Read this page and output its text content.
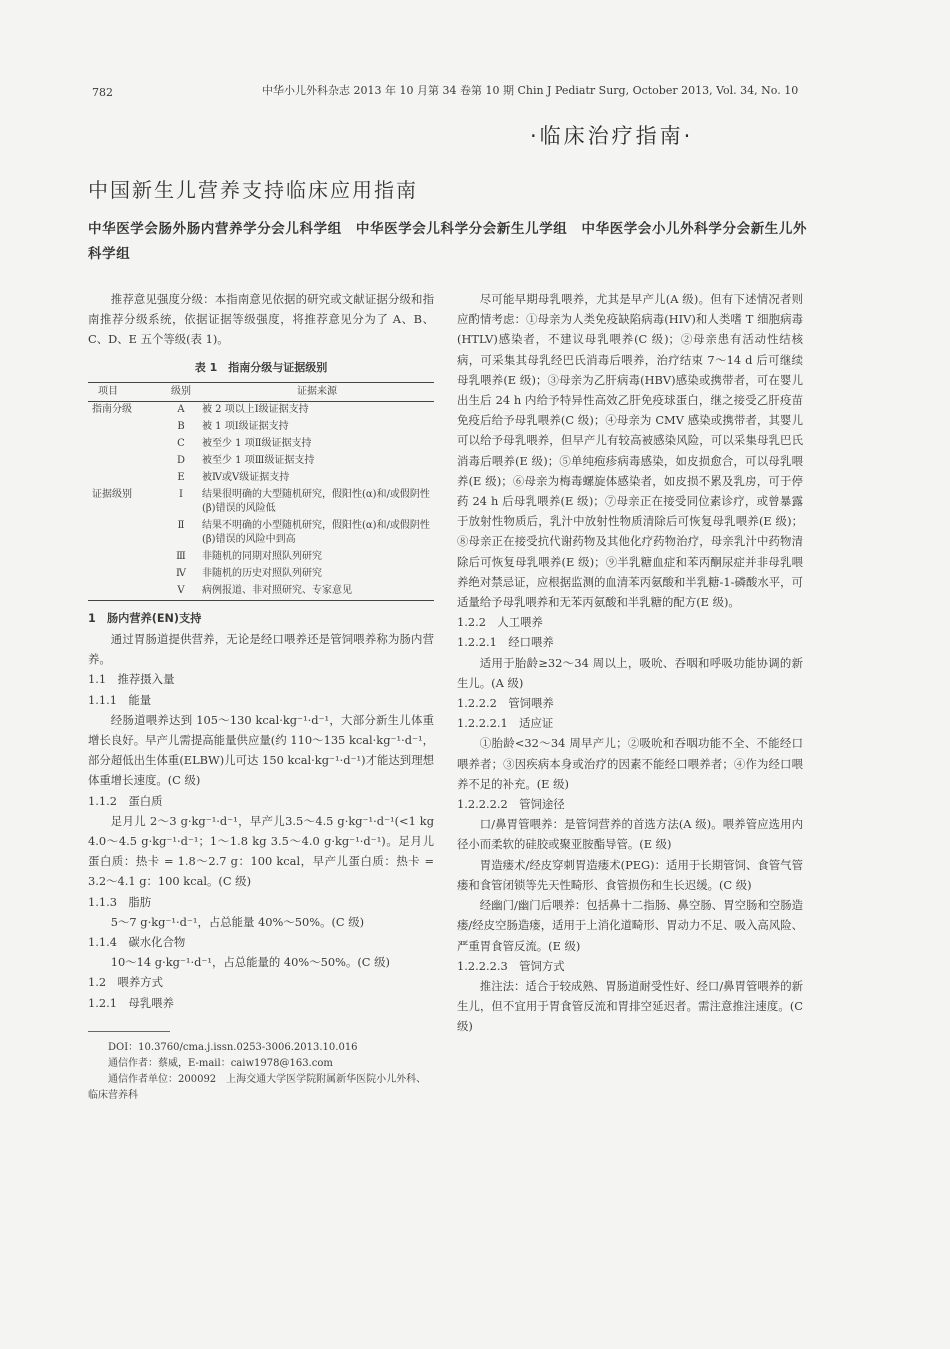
782	中华小儿外科杂志 2013 年 10 月第 34 卷第 10 期 Chin J Pediatr Surg, October 2013, Vol. 34, No. 10
·临床治疗指南·
中国新生儿营养支持临床应用指南
中华医学会肠外肠内营养学分会儿科学组　中华医学会儿科学分会新生儿学组　中华医学会小儿外科学分会新生儿外科学组

推荐意见强度分级：本指南意见依据的研究或文献证据分级和指南推荐分级系统，依据证据等级强度，将推荐意见分为了 A、B、C、D、E 五个等级(表 1)。

表 1　指南分级与证据级别
项目	级别	证据来源
指南分级	A	被 2 项以上Ⅰ级证据支持
	B	被 1 项Ⅰ级证据支持
	C	被至少 1 项Ⅱ级证据支持
	D	被至少 1 项Ⅲ级证据支持
	E	被Ⅳ或Ⅴ级证据支持
证据级别	Ⅰ	结果很明确的大型随机研究，假阳性(α)和/或假阴性(β)错误的风险低
	Ⅱ	结果不明确的小型随机研究，假阳性(α)和/或假阴性(β)错误的风险中到高
	Ⅲ	非随机的同期对照队列研究
	Ⅳ	非随机的历史对照队列研究
	Ⅴ	病例报道、非对照研究、专家意见
1　肠内营养(EN)支持

通过胃肠道提供营养，无论是经口喂养还是管饲喂养称为肠内营养。

1.1　推荐摄入量
1.1.1　能量

经肠道喂养达到 105～130 kcal·kg⁻¹·d⁻¹，大部分新生儿体重增长良好。早产儿需提高能量供应量(约 110～135 kcal·kg⁻¹·d⁻¹，部分超低出生体重(ELBW)儿可达 150 kcal·kg⁻¹·d⁻¹)才能达到理想体重增长速度。(C 级)

1.1.2　蛋白质

足月儿 2～3 g·kg⁻¹·d⁻¹，早产儿3.5～4.5 g·kg⁻¹·d⁻¹(<1 kg 4.0～4.5 g·kg⁻¹·d⁻¹；1～1.8 kg 3.5～4.0 g·kg⁻¹·d⁻¹)。足月儿蛋白质：热卡 = 1.8～2.7 g：100 kcal，早产儿蛋白质：热卡 = 3.2～4.1 g：100 kcal。(C 级)

1.1.3　脂肪

5～7 g·kg⁻¹·d⁻¹，占总能量 40%～50%。(C 级)

1.1.4　碳水化合物

10～14 g·kg⁻¹·d⁻¹，占总能量的 40%～50%。(C 级)

1.2　喂养方式
1.2.1　母乳喂养
DOI：10.3760/cma.j.issn.0253-3006.2013.10.016
通信作者：蔡威，E-mail：caiw1978@163.com
通信作者单位：200092　上海交通大学医学院附属新华医院小儿外科、临床营养科

尽可能早期母乳喂养，尤其是早产儿(A 级)。但有下述情况者则应酌情考虑：①母亲为人类免疫缺陷病毒(HIV)和人类嗜 T 细胞病毒(HTLV)感染者，不建议母乳喂养(C 级)；②母亲患有活动性结核病，可采集其母乳经巴氏消毒后喂养，治疗结束 7～14 d 后可继续母乳喂养(E 级)；③母亲为乙肝病毒(HBV)感染或携带者，可在婴儿出生后 24 h 内给予特异性高效乙肝免疫球蛋白，继之接受乙肝疫苗免疫后给予母乳喂养(C 级)；④母亲为 CMV 感染或携带者，其婴儿可以给予母乳喂养，但早产儿有较高被感染风险，可以采集母乳巴氏消毒后喂养(E 级)；⑤单纯疱疹病毒感染，如皮损愈合，可以母乳喂养(E 级)；⑥母亲为梅毒螺旋体感染者，如皮损不累及乳房，可于停药 24 h 后母乳喂养(E 级)；⑦母亲正在接受同位素诊疗，或曾暴露于放射性物质后，乳汁中放射性物质清除后可恢复母乳喂养(E 级)；⑧母亲正在接受抗代谢药物及其他化疗药物治疗，母亲乳汁中药物清除后可恢复母乳喂养(E 级)；⑨半乳糖血症和苯丙酮尿症并非母乳喂养绝对禁忌证，应根据监测的血清苯丙氨酸和半乳糖-1-磷酸水平，可适量给予母乳喂养和无苯丙氨酸和半乳糖的配方(E 级)。

1.2.2　人工喂养
1.2.2.1　经口喂养

适用于胎龄≥32～34 周以上，吸吮、吞咽和呼吸功能协调的新生儿。(A 级)

1.2.2.2　管饲喂养
1.2.2.2.1　适应证

①胎龄<32～34 周早产儿；②吸吮和吞咽功能不全、不能经口喂养者；③因疾病本身或治疗的因素不能经口喂养者；④作为经口喂养不足的补充。(E 级)

1.2.2.2.2　管饲途径

口/鼻胃管喂养：是管饲营养的首选方法(A 级)。喂养管应选用内径小而柔软的硅胶或聚亚胺酯导管。(E 级)

胃造瘘术/经皮穿刺胃造瘘术(PEG)：适用于长期管饲、食管气管瘘和食管闭锁等先天性畸形、食管损伤和生长迟缓。(C 级)

经幽门/幽门后喂养：包括鼻十二指肠、鼻空肠、胃空肠和空肠造瘘/经皮空肠造瘘，适用于上消化道畸形、胃动力不足、吸入高风险、严重胃食管反流。(E 级)

1.2.2.2.3　管饲方式

推注法：适合于较成熟、胃肠道耐受性好、经口/鼻胃管喂养的新生儿，但不宜用于胃食管反流和胃排空延迟者。需注意推注速度。(C 级)
